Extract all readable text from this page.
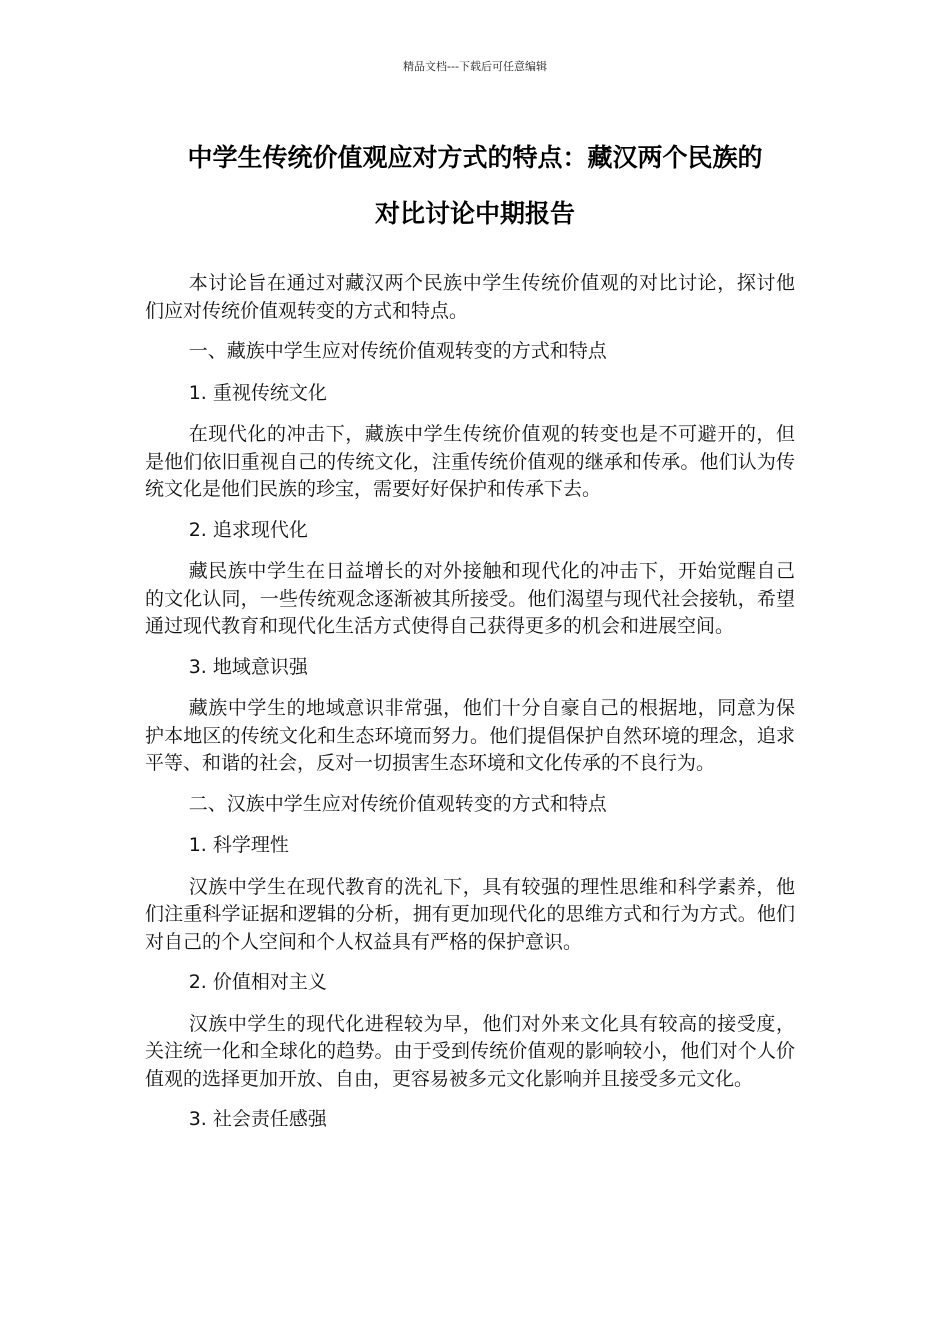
精品文档---下载后可任意编辑
中学生传统价值观应对方式的特点：藏汉两个民族的
对比讨论中期报告

本讨论旨在通过对藏汉两个民族中学生传统价值观的对比讨论，探讨他们应对传统价值观转变的方式和特点。

一、藏族中学生应对传统价值观转变的方式和特点

1. 重视传统文化

在现代化的冲击下，藏族中学生传统价值观的转变也是不可避开的，但是他们依旧重视自己的传统文化，注重传统价值观的继承和传承。他们认为传统文化是他们民族的珍宝，需要好好保护和传承下去。

2. 追求现代化

藏民族中学生在日益增长的对外接触和现代化的冲击下，开始觉醒自己的文化认同，一些传统观念逐渐被其所接受。他们渴望与现代社会接轨，希望通过现代教育和现代化生活方式使得自己获得更多的机会和进展空间。

3. 地域意识强

藏族中学生的地域意识非常强，他们十分自豪自己的根据地，同意为保护本地区的传统文化和生态环境而努力。他们提倡保护自然环境的理念，追求平等、和谐的社会，反对一切损害生态环境和文化传承的不良行为。

二、汉族中学生应对传统价值观转变的方式和特点

1. 科学理性

汉族中学生在现代教育的洗礼下，具有较强的理性思维和科学素养，他们注重科学证据和逻辑的分析，拥有更加现代化的思维方式和行为方式。他们对自己的个人空间和个人权益具有严格的保护意识。

2. 价值相对主义

汉族中学生的现代化进程较为早，他们对外来文化具有较高的接受度，关注统一化和全球化的趋势。由于受到传统价值观的影响较小，他们对个人价值观的选择更加开放、自由，更容易被多元文化影响并且接受多元文化。

3. 社会责任感强
